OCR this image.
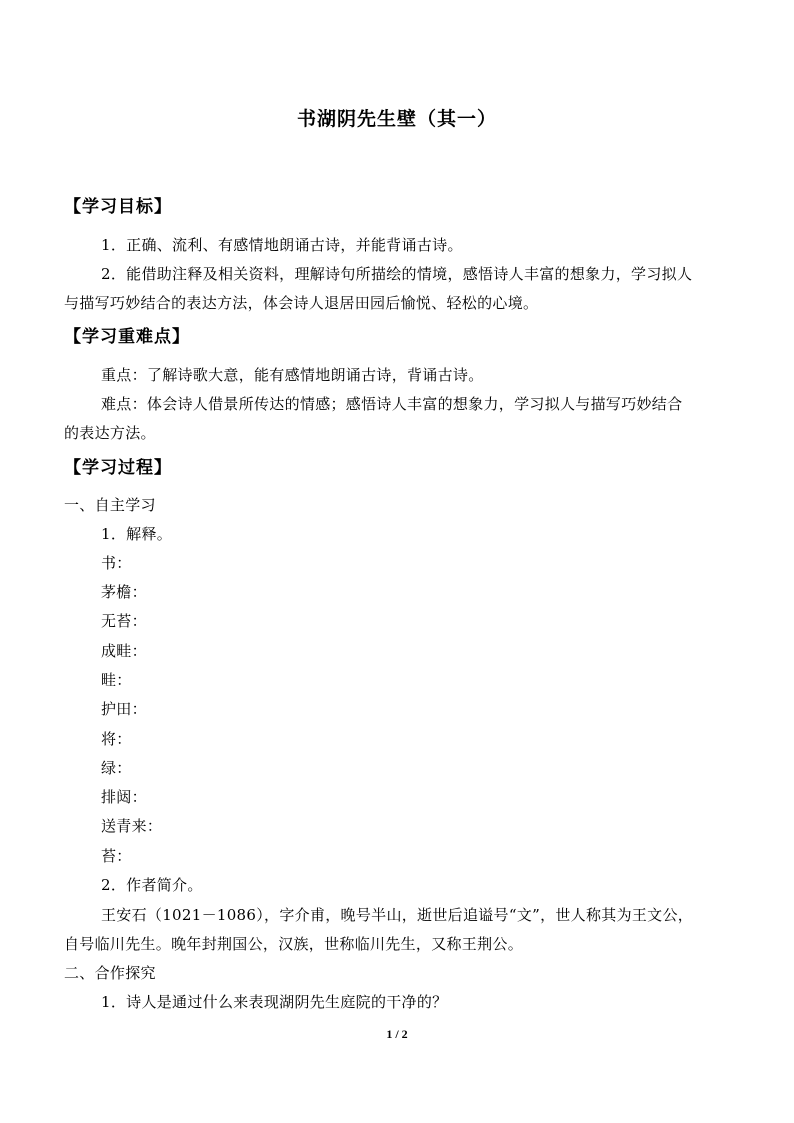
书湖阴先生壁（其一）
【学习目标】
1．正确、流利、有感情地朗诵古诗，并能背诵古诗。
2．能借助注释及相关资料，理解诗句所描绘的情境，感悟诗人丰富的想象力，学习拟人
与描写巧妙结合的表达方法，体会诗人退居田园后愉悦、轻松的心境。
【学习重难点】
重点：了解诗歌大意，能有感情地朗诵古诗，背诵古诗。
难点：体会诗人借景所传达的情感；感悟诗人丰富的想象力，学习拟人与描写巧妙结合
的表达方法。
【学习过程】
一、自主学习
1．解释。
书：
茅檐：
无苔：
成畦：
畦：
护田：
将：
绿：
排闼：
送青来：
苔：
2．作者简介。
王安石（1021－1086），字介甫，晚号半山，逝世后追谥号“文”，世人称其为王文公，
自号临川先生。晚年封荆国公，汉族，世称临川先生，又称王荆公。
二、合作探究
1．诗人是通过什么来表现湖阴先生庭院的干净的？
1 / 2
